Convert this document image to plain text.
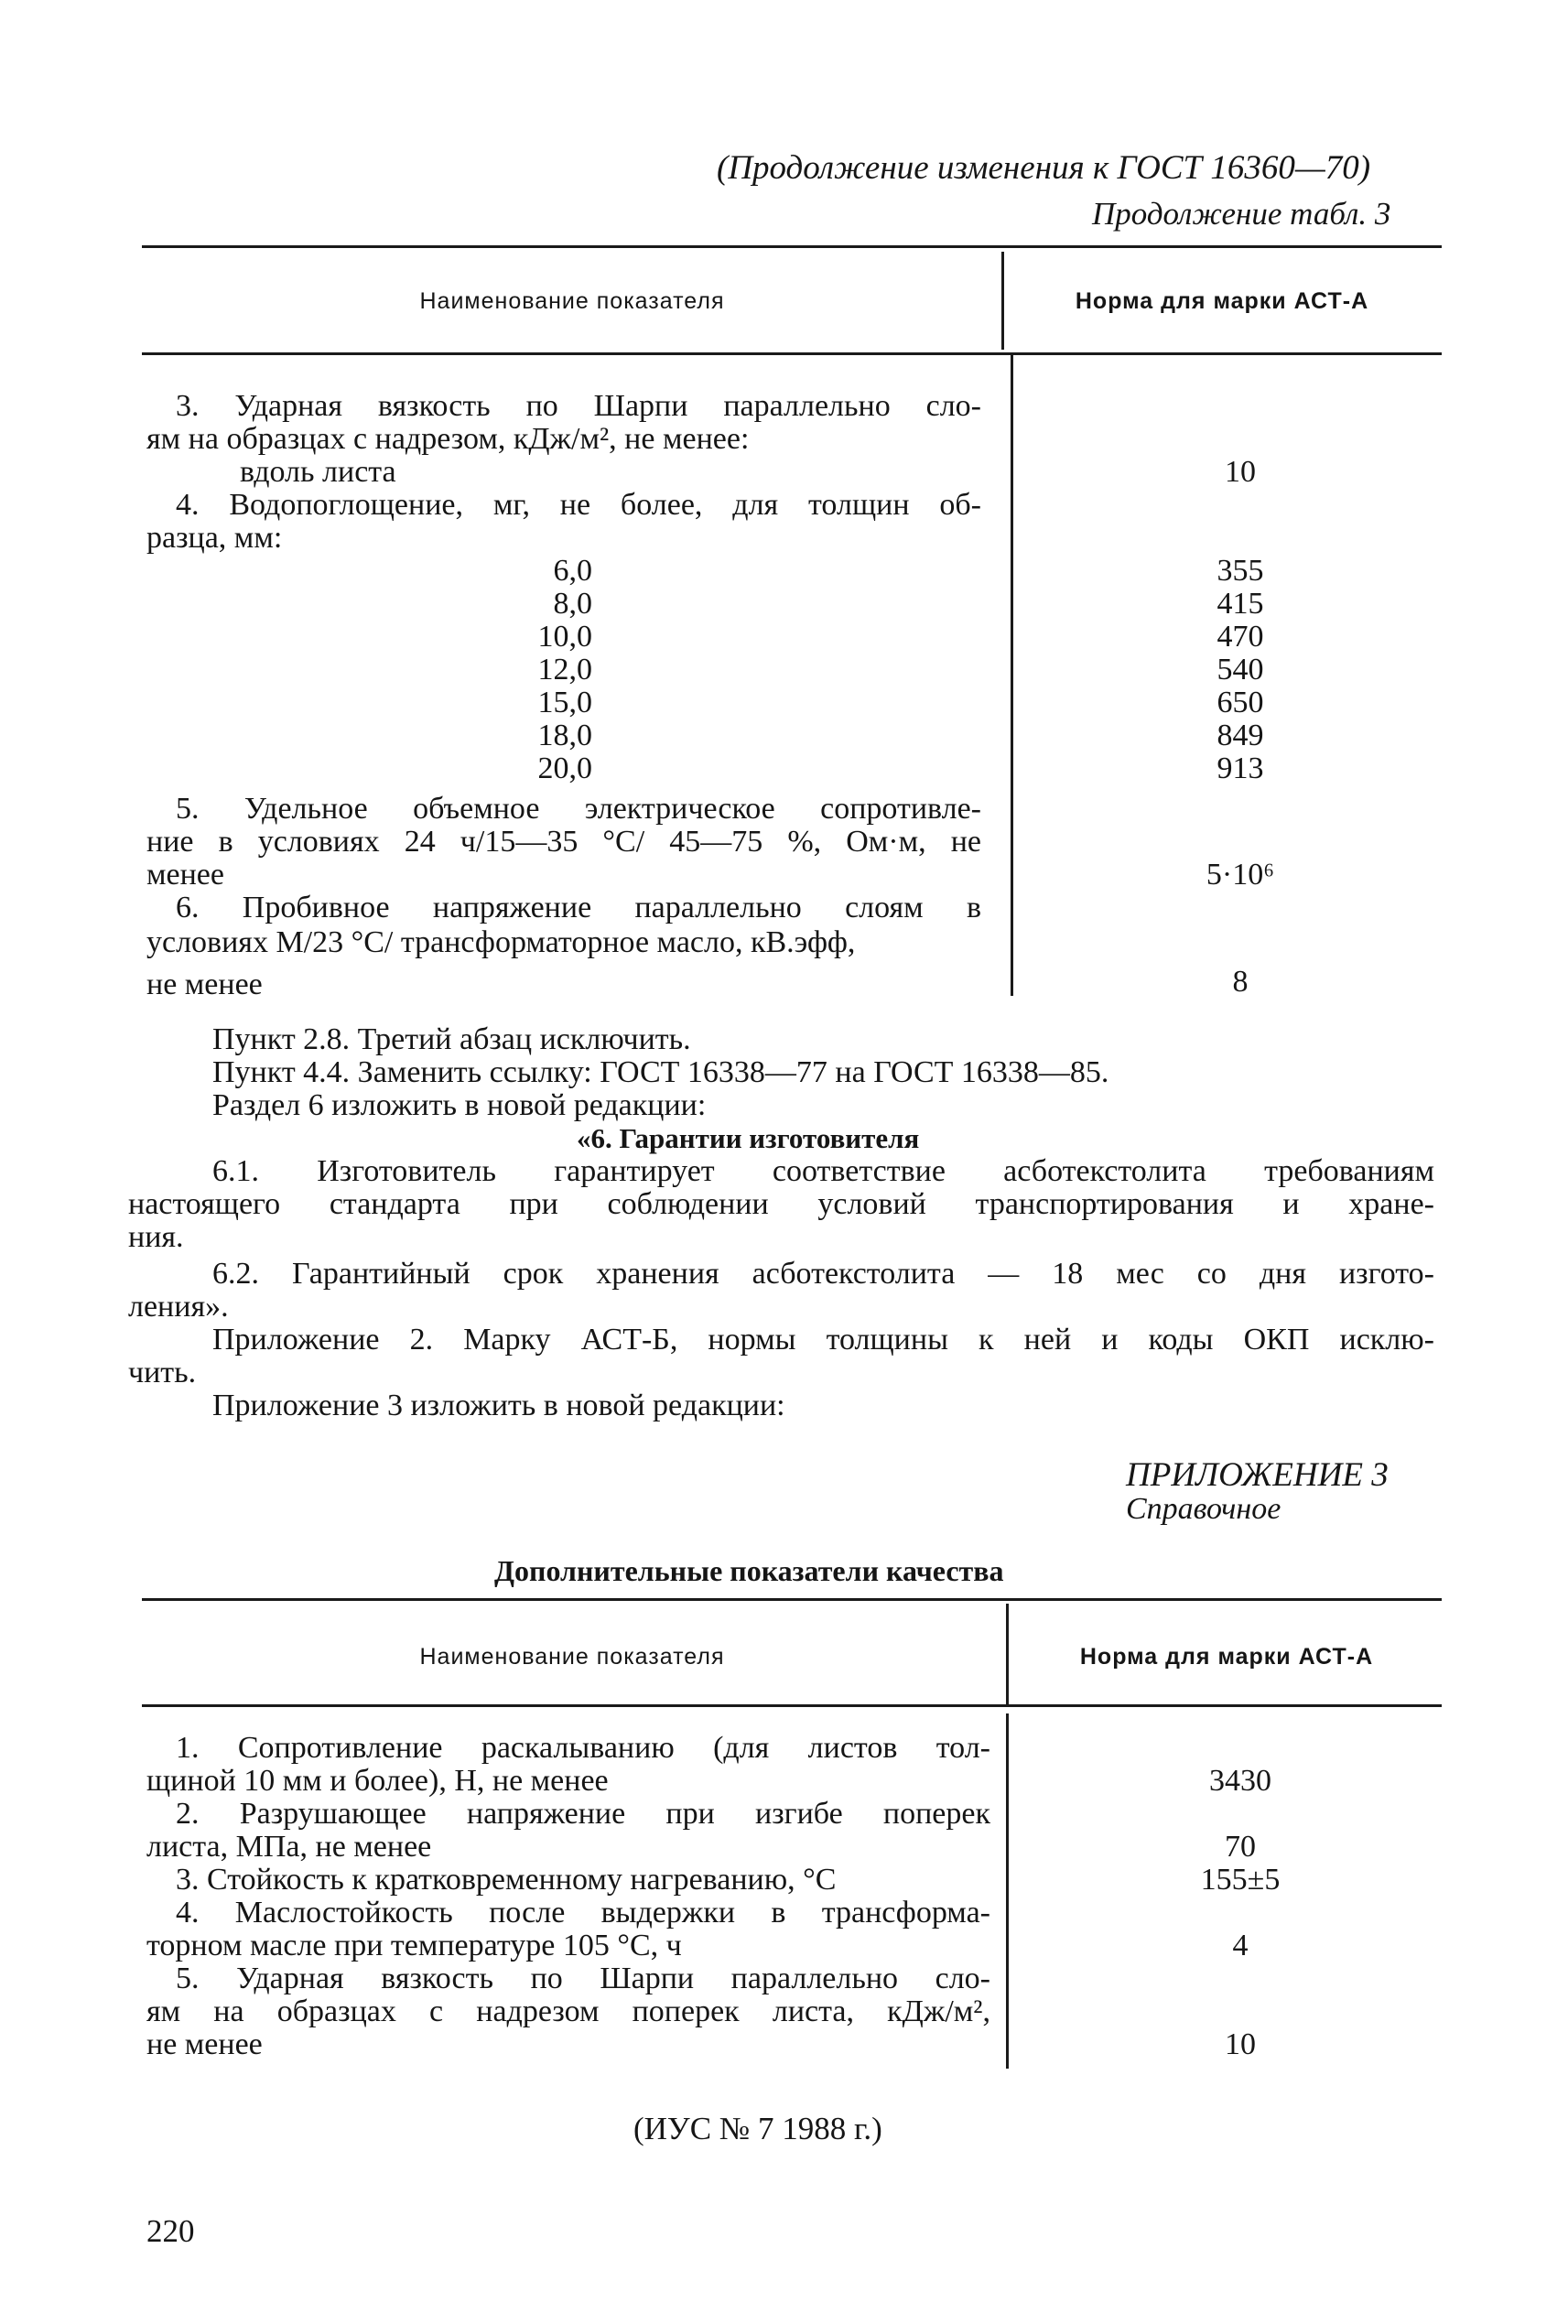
(Продолжение изменения к ГОСТ 16360—70)
Продолжение табл. 3
Наименование показателя	Норма для марки АСТ-А
3. Ударная вязкость по Шарпи параллельно сло-
ям на образцах с надрезом, кДж/м², не менее:
вдоль листа	10
4. Водопоглощение, мг, не более, для толщин об-
разца, мм:
6,0	355
8,0	415
10,0	470
12,0	540
15,0	650
18,0	849
20,0	913
5. Удельное объемное электрическое сопротивле-
ние в условиях 24 ч/15—35 °С/ 45—75 %, Ом·м, не
менее	5·10⁶
6. Пробивное напряжение параллельно слоям в
условиях М/23 °С/ трансформаторное масло, кВ.эфф,
не менее	8
Пункт 2.8. Третий абзац исключить.
Пункт 4.4. Заменить ссылку: ГОСТ 16338—77 на ГОСТ 16338—85.
Раздел 6 изложить в новой редакции:
«6. Гарантии изготовителя
6.1. Изготовитель гарантирует соответствие асботекстолита требованиям
настоящего стандарта при соблюдении условий транспортирования и хране-
ния.
6.2. Гарантийный срок хранения асботекстолита — 18 мес со дня изгото-
ления».
Приложение 2. Марку АСТ-Б, нормы толщины к ней и коды ОКП исклю-
чить.
Приложение 3 изложить в новой редакции:
ПРИЛОЖЕНИЕ 3
Справочное
Дополнительные показатели качества
Наименование показателя	Норма для марки АСТ-А
1. Сопротивление раскалыванию (для листов тол-
щиной 10 мм и более), Н, не менее	3430
2. Разрушающее напряжение при изгибе поперек
листа, МПа, не менее	70
3. Стойкость к кратковременному нагреванию, °С	155±5
4. Маслостойкость после выдержки в трансформа-
торном масле при температуре 105 °С, ч	4
5. Ударная вязкость по Шарпи параллельно сло-
ям на образцах с надрезом поперек листа, кДж/м²,
не менее	10
(ИУС № 7 1988 г.)
220
